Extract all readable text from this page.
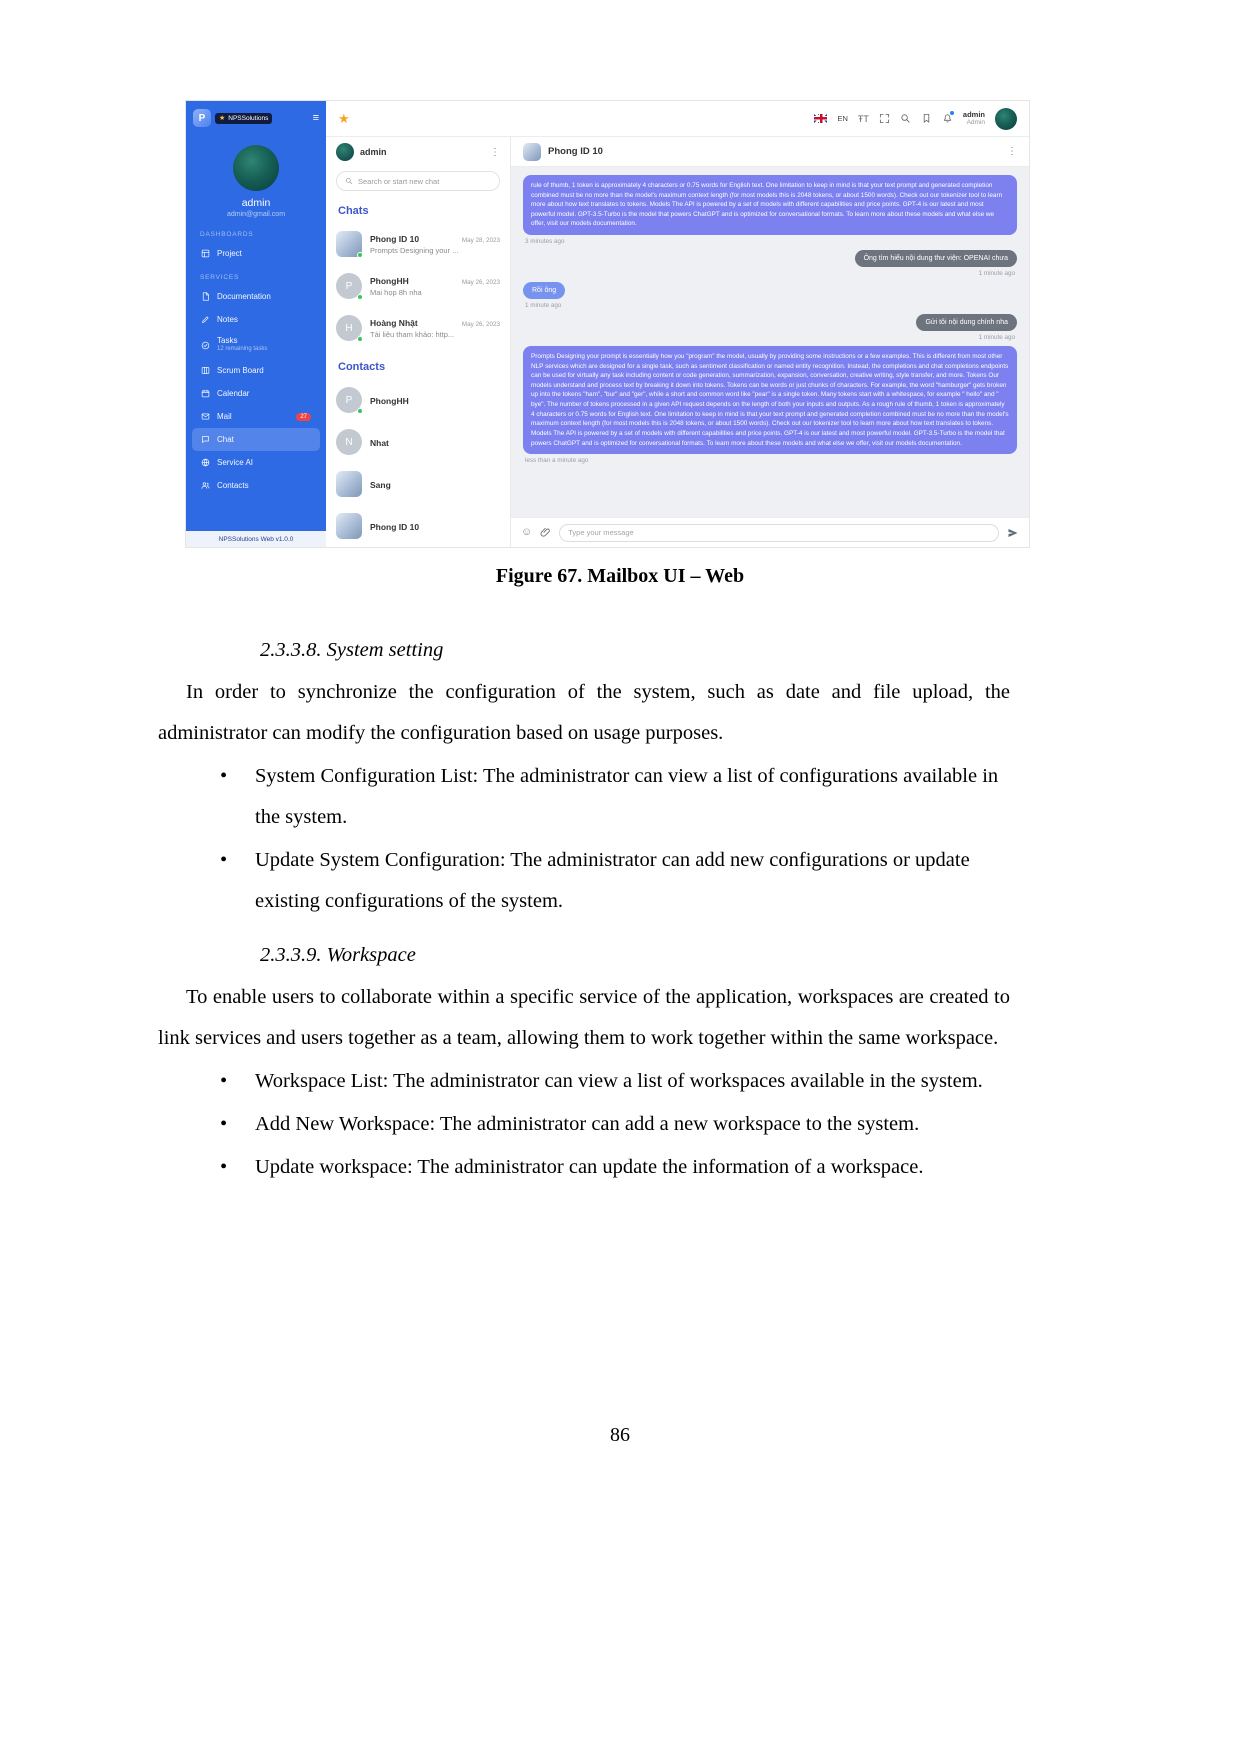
P	★ NPSSolutions	≡
admin
admin@gmail.com
DASHBOARDS
Project
SERVICES
Documentation
Notes
Tasks
12 remaining tasks
Scrum Board
Calendar
Mail	27
Chat
Service AI
Contacts
NPSSolutions Web v1.0.0
★	EN ŦT	admin
Admin
admin	⋮
Search or start new chat
Chats
Phong ID 10	May 28, 2023
Prompts Designing your ...
P PhongHH	May 26, 2023
Mai họp 8h nha
H Hoàng Nhật	May 26, 2023
Tài liệu tham khảo: http...
Contacts
P PhongHH
N Nhat
Sang
Phong ID 10
Phong ID 10	⋮
rule of thumb, 1 token is approximately 4 characters or 0.75 words for English text. One limitation to keep in mind is that your text prompt and generated completion combined must be no more than the model's maximum context length (for most models this is 2048 tokens, or about 1500 words). Check out our tokenizer tool to learn more about how text translates to tokens. Models The API is powered by a set of models with different capabilities and price points. GPT-4 is our latest and most powerful model. GPT-3.5-Turbo is the model that powers ChatGPT and is optimized for conversational formats. To learn more about these models and what else we offer, visit our models documentation.
3 minutes ago
Ông tìm hiểu nội dung thư viện: OPENAI chưa
1 minute ago
Rồi ông
1 minute ago
Gửi tôi nội dung chính nha
1 minute ago
Prompts Designing your prompt is essentially how you "program" the model, usually by providing some instructions or a few examples. This is different from most other NLP services which are designed for a single task, such as sentiment classification or named entity recognition. Instead, the completions and chat completions endpoints can be used for virtually any task including content or code generation, summarization, expansion, conversation, creative writing, style transfer, and more. Tokens Our models understand and process text by breaking it down into tokens. Tokens can be words or just chunks of characters. For example, the word "hamburger" gets broken up into the tokens "ham", "bur" and "ger", while a short and common word like "pear" is a single token. Many tokens start with a whitespace, for example " hello" and " bye". The number of tokens processed in a given API request depends on the length of both your inputs and outputs. As a rough rule of thumb, 1 token is approximately 4 characters or 0.75 words for English text. One limitation to keep in mind is that your text prompt and generated completion combined must be no more than the model's maximum context length (for most models this is 2048 tokens, or about 1500 words). Check out our tokenizer tool to learn more about how text translates to tokens. Models The API is powered by a set of models with different capabilities and price points. GPT-4 is our latest and most powerful model. GPT-3.5-Turbo is the model that powers ChatGPT and is optimized for conversational formats. To learn more about these models and what else we offer, visit our models documentation.
less than a minute ago
☺
Type your message
Figure 67. Mailbox UI – Web
2.3.3.8. System setting

In order to synchronize the configuration of the system, such as date and file upload, the administrator can modify the configuration based on usage purposes.

• System Configuration List: The administrator can view a list of configurations available in the system.
• Update System Configuration: The administrator can add new configurations or update existing configurations of the system.
2.3.3.9. Workspace

To enable users to collaborate within a specific service of the application, workspaces are created to link services and users together as a team, allowing them to work together within the same workspace.

• Workspace List: The administrator can view a list of workspaces available in the system.
• Add New Workspace: The administrator can add a new workspace to the system.
• Update workspace: The administrator can update the information of a workspace.
86
